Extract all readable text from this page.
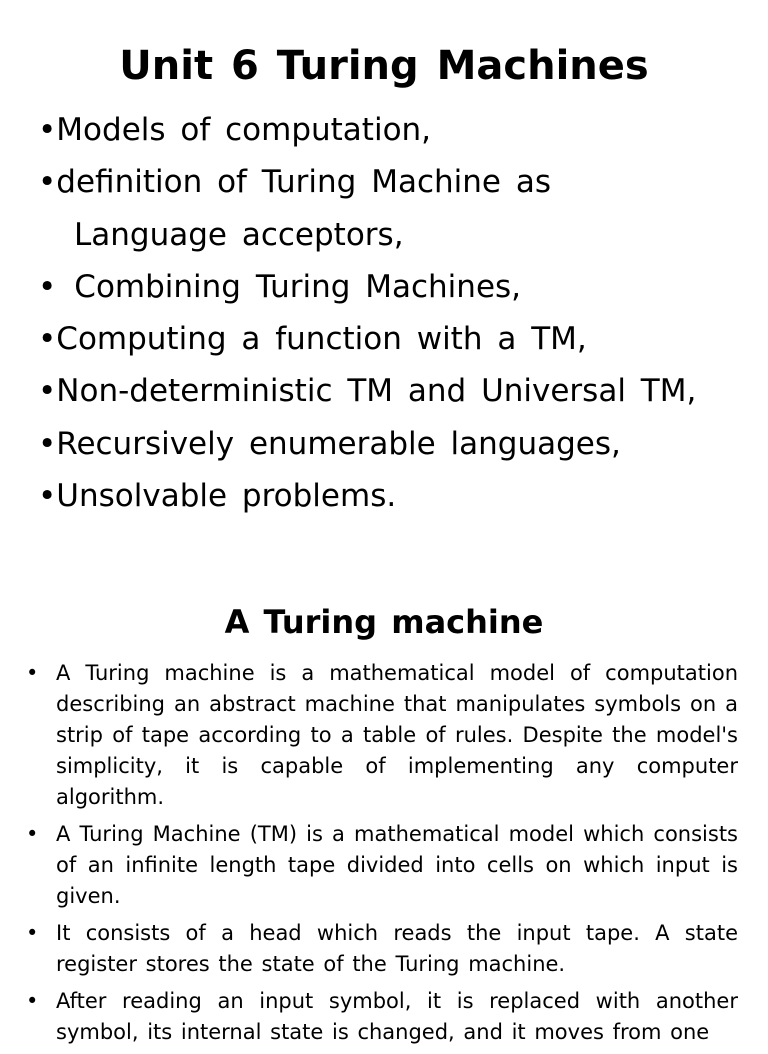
Unit 6 Turing Machines
•Models of computation,
•definition of Turing Machine as
Language acceptors,
• Combining Turing Machines,
•Computing a function with a TM,
•Non-deterministic TM and Universal TM,
•Recursively enumerable languages,
•Unsolvable problems.
A Turing machine
• A Turing machine is a mathematical model of computation describing an abstract machine that manipulates symbols on a strip of tape according to a table of rules. Despite the model's simplicity, it is capable of implementing any computer algorithm.
• A Turing Machine (TM) is a mathematical model which consists of an infinite length tape divided into cells on which input is given.
• It consists of a head which reads the input tape. A state register stores the state of the Turing machine.
• After reading an input symbol, it is replaced with another symbol, its internal state is changed, and it moves from one
